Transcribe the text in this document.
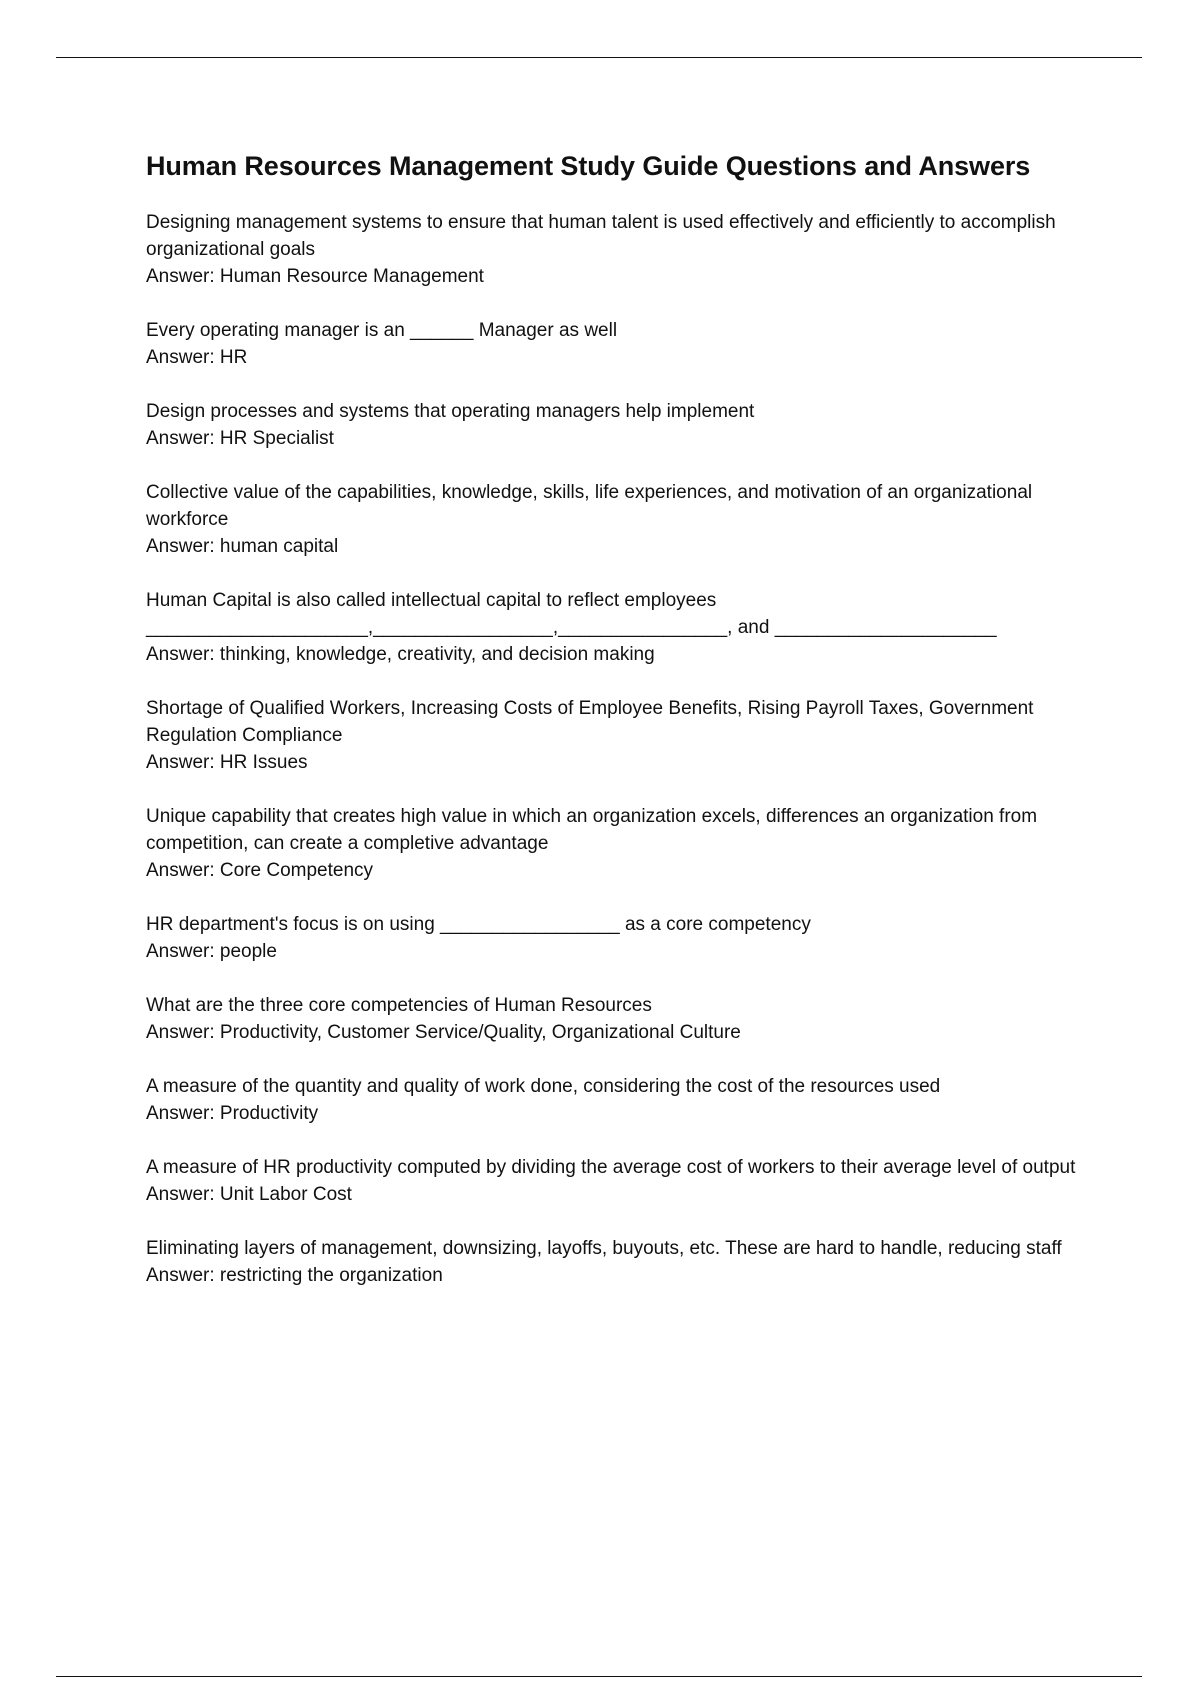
Human Resources Management Study Guide Questions and Answers
Designing management systems to ensure that human talent is used effectively and efficiently to accomplish organizational goals
Answer: Human Resource Management
Every operating manager is an ______ Manager as well
Answer: HR
Design processes and systems that operating managers help implement
Answer: HR Specialist
Collective value of the capabilities, knowledge, skills, life experiences, and motivation of an organizational workforce
Answer: human capital
Human Capital is also called intellectual capital to reflect employees
_____________________,_________________,________________, and _____________________
Answer: thinking, knowledge, creativity, and decision making
Shortage of Qualified Workers, Increasing Costs of Employee Benefits, Rising Payroll Taxes, Government Regulation Compliance
Answer: HR Issues
Unique capability that creates high value in which an organization excels, differences an organization from competition, can create a completive advantage
Answer: Core Competency
HR department's focus is on using _________________ as a core competency
Answer: people
What are the three core competencies of Human Resources
Answer: Productivity, Customer Service/Quality, Organizational Culture
A measure of the quantity and quality of work done, considering the cost of the resources used
Answer: Productivity
A measure of HR productivity computed by dividing the average cost of workers to their average level of output
Answer: Unit Labor Cost
Eliminating layers of management, downsizing, layoffs, buyouts, etc. These are hard to handle, reducing staff
Answer: restricting the organization
